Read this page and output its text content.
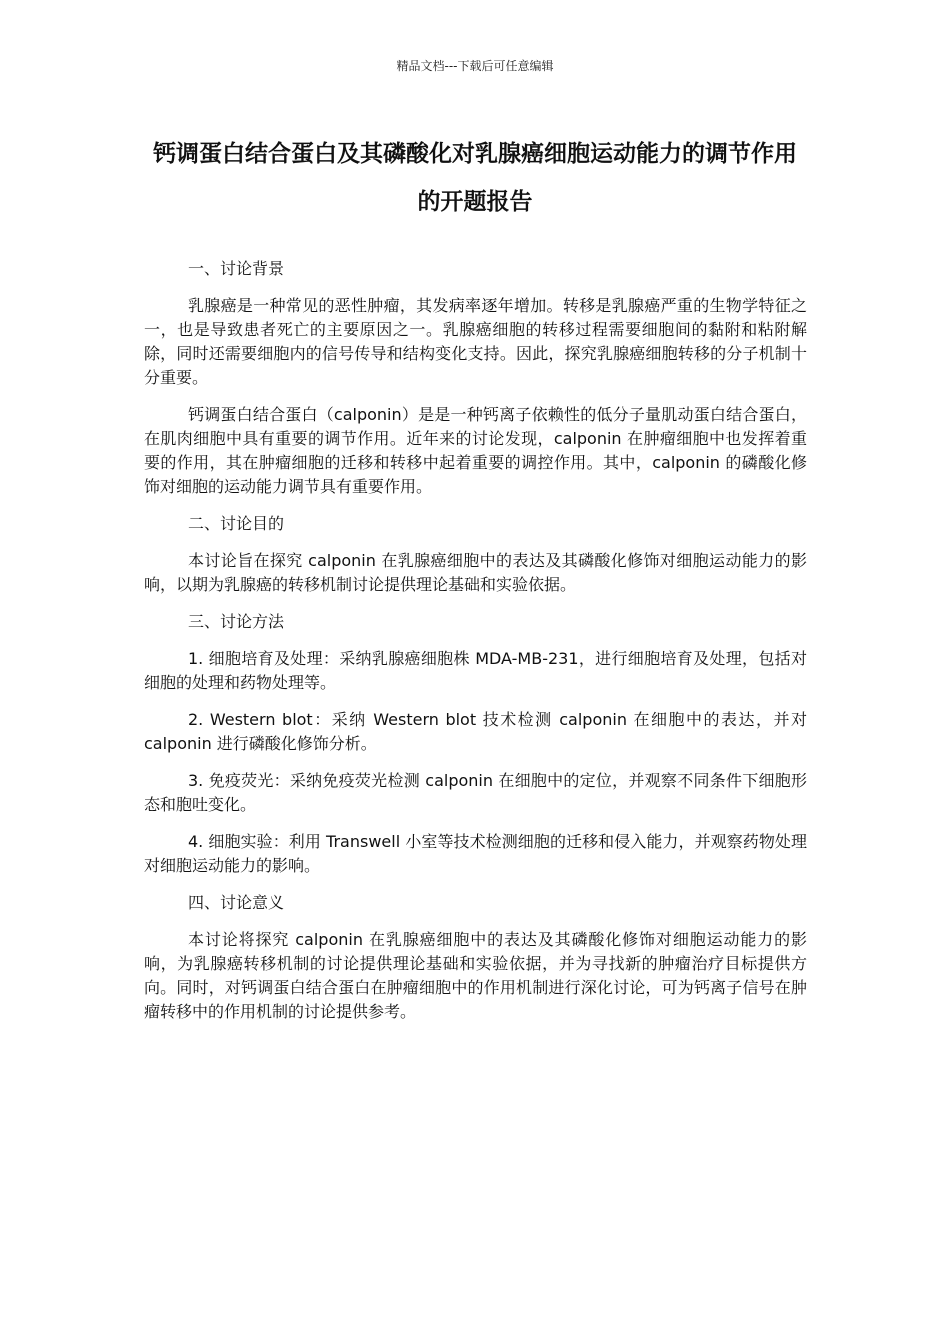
精品文档---下载后可任意编辑
钙调蛋白结合蛋白及其磷酸化对乳腺癌细胞运动能力的调节作用的开题报告
一、讨论背景
乳腺癌是一种常见的恶性肿瘤，其发病率逐年增加。转移是乳腺癌严重的生物学特征之一，也是导致患者死亡的主要原因之一。乳腺癌细胞的转移过程需要细胞间的黏附和粘附解除，同时还需要细胞内的信号传导和结构变化支持。因此，探究乳腺癌细胞转移的分子机制十分重要。
钙调蛋白结合蛋白（calponin）是是一种钙离子依赖性的低分子量肌动蛋白结合蛋白，在肌肉细胞中具有重要的调节作用。近年来的讨论发现，calponin 在肿瘤细胞中也发挥着重要的作用，其在肿瘤细胞的迁移和转移中起着重要的调控作用。其中，calponin 的磷酸化修饰对细胞的运动能力调节具有重要作用。
二、讨论目的
本讨论旨在探究 calponin 在乳腺癌细胞中的表达及其磷酸化修饰对细胞运动能力的影响，以期为乳腺癌的转移机制讨论提供理论基础和实验依据。
三、讨论方法
1. 细胞培育及处理：采纳乳腺癌细胞株 MDA-MB-231，进行细胞培育及处理，包括对细胞的处理和药物处理等。
2. Western blot：采纳 Western blot 技术检测 calponin 在细胞中的表达，并对 calponin 进行磷酸化修饰分析。
3. 免疫荧光：采纳免疫荧光检测 calponin 在细胞中的定位，并观察不同条件下细胞形态和胞吐变化。
4. 细胞实验：利用 Transwell 小室等技术检测细胞的迁移和侵入能力，并观察药物处理对细胞运动能力的影响。
四、讨论意义
本讨论将探究 calponin 在乳腺癌细胞中的表达及其磷酸化修饰对细胞运动能力的影响，为乳腺癌转移机制的讨论提供理论基础和实验依据，并为寻找新的肿瘤治疗目标提供方向。同时，对钙调蛋白结合蛋白在肿瘤细胞中的作用机制进行深化讨论，可为钙离子信号在肿瘤转移中的作用机制的讨论提供参考。
